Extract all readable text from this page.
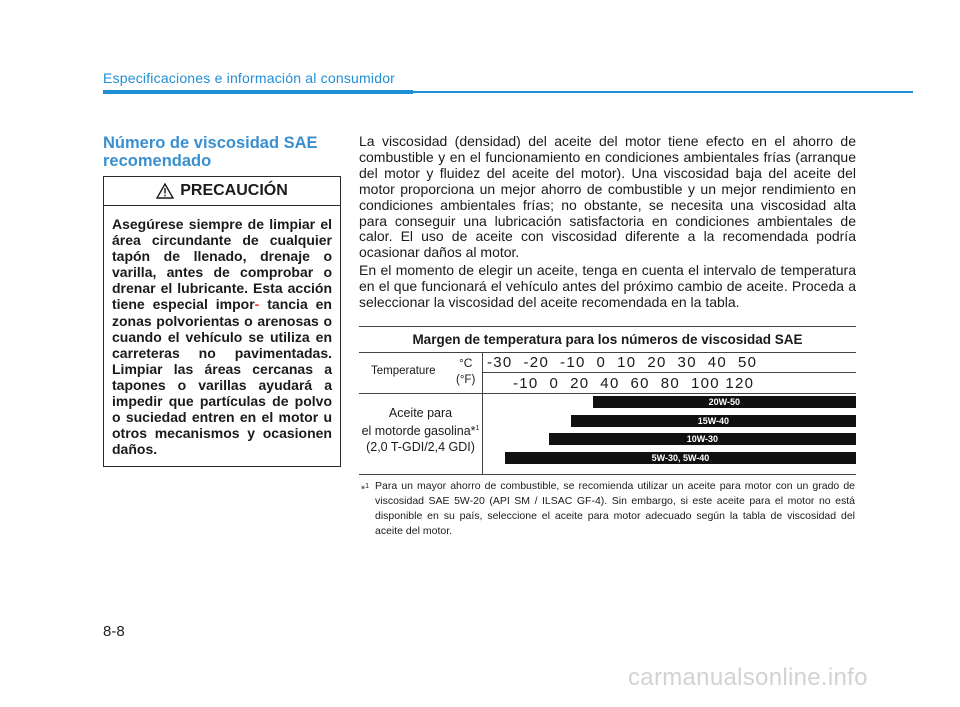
Especificaciones e información al consumidor
Número de viscosidad SAE recomendado
PRECAUCIÓN
Asegúrese siempre de limpiar el área circundante de cualquier tapón de llenado, drenaje o varilla, antes de comprobar o drenar el lubricante. Esta acción tiene especial impor- tancia en zonas polvorientas o arenosas o cuando el vehículo se utiliza en carreteras no pavimentadas. Limpiar las áreas cercanas a tapones o varillas ayudará a impedir que partículas de polvo o suciedad entren en el motor u otros mecanismos y ocasionen daños.

La viscosidad (densidad) del aceite del motor tiene efecto en el ahorro de combustible y en el funcionamiento en condiciones ambientales frías (arranque del motor y fluidez del aceite del motor). Una viscosidad baja del aceite del motor proporciona un mejor ahorro de combustible y un mejor rendimiento en condiciones ambientales frías; no obstante, se necesita una viscosidad alta para conseguir una lubricación satisfactoria en condiciones ambientales de calor. El uso de aceite con viscosidad diferente a la recomendada podría ocasionar daños al motor.

En el momento de elegir un aceite, tenga en cuenta el intervalo de temperatura en el que funcionará el vehículo antes del próximo cambio de aceite. Proceda a seleccionar la viscosidad del aceite recomendada en la tabla.

Margen de temperatura para los números de viscosidad SAE
Temperature
°C
(°F)
-30  -20  -10  0  10  20  30  40  50
-10  0  20  40  60  80  100 120
Aceite para
el motorde gasolina*$^1$
(2,0 T-GDI/2,4 GDI)
20W-50
15W-40
10W-30
5W-30, 5W-40
*$^1$ Para un mayor ahorro de combustible, se recomienda utilizar un aceite para motor con un grado de viscosidad SAE 5W-20 (API SM / ILSAC GF-4). Sin embargo, si este aceite para el motor no está disponible en su país, seleccione el aceite para motor adecuado según la tabla de viscosidad del aceite del motor.
8-8
carmanualsonline.info
